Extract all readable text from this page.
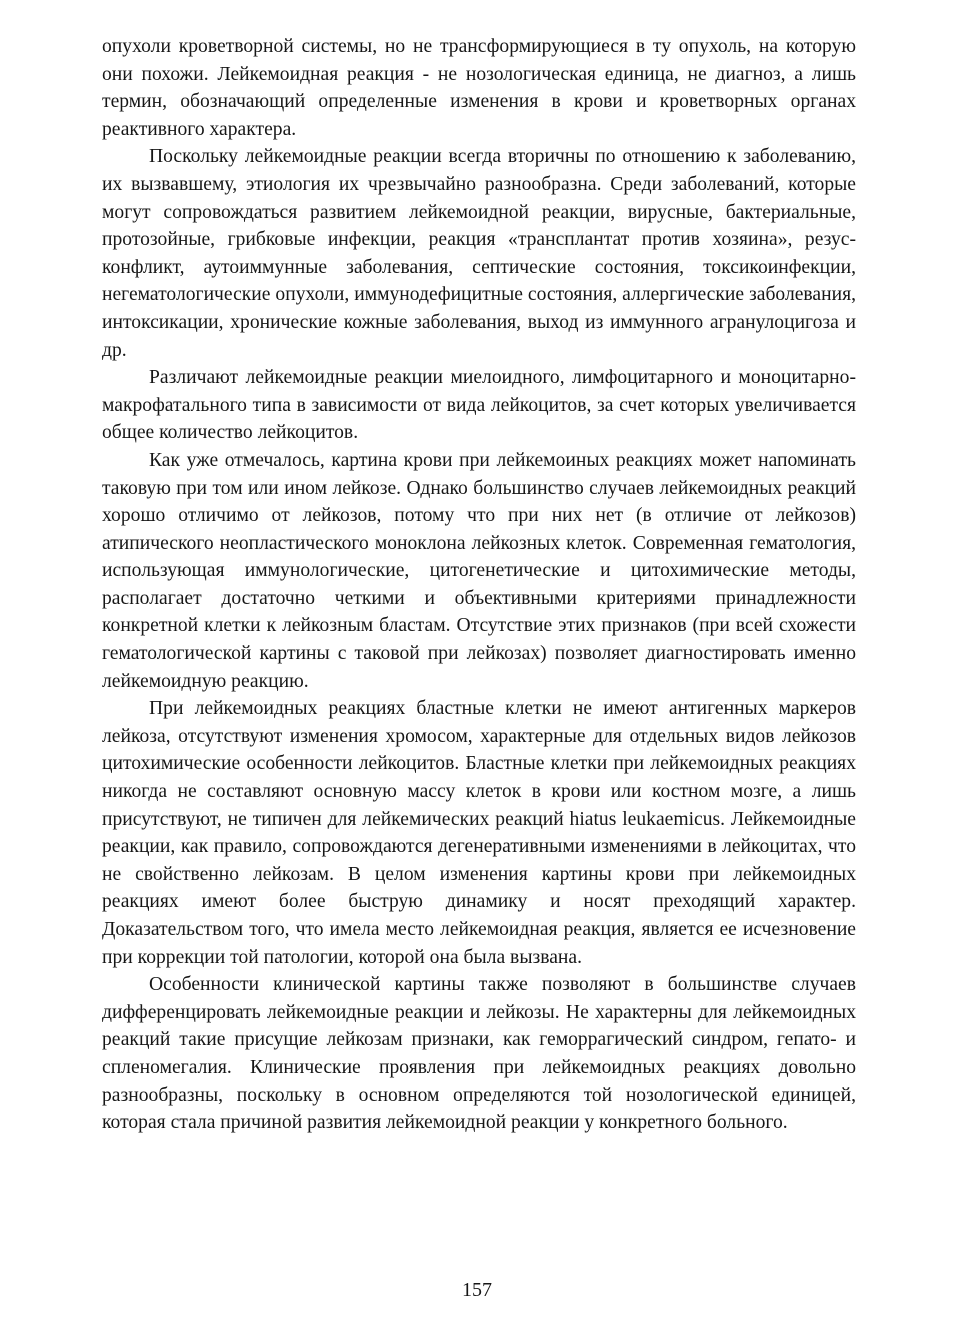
опухоли кроветворной системы, но не трансформирующиеся в ту опухоль, на которую они похожи. Лейкемоидная реакция - не нозологическая единица, не диагноз, а лишь термин, обозначающий определенные изменения в крови и кроветворных органах реактивного характера.

Поскольку лейкемоидные реакции всегда вторичны по отношению к заболеванию, их вызвавшему, этиология их чрезвычайно разнообразна. Среди заболеваний, которые могут сопровождаться развитием лейкемоидной реакции, вирусные, бактериальные, протозойные, грибковые инфекции, реакция «трансплантат против хозяина», резус-конфликт, аутоиммунные заболевания, септические состояния, токсикоинфекции, негематологические опухоли, иммунодефицитные состояния, аллергические заболевания, интоксикации, хронические кожные заболевания, выход из иммунного агранулоцигоза и др.

Различают лейкемоидные реакции миелоидного, лимфоцитарного и моноцитарно-макрофатального типа в зависимости от вида лейкоцитов, за счет которых увеличивается общее количество лейкоцитов.

Как уже отмечалось, картина крови при лейкемоиных реакциях может напоминать таковую при том или ином лейкозе. Однако большинство случаев лейкемоидных реакций хорошо отличимо от лейкозов, потому что при них нет (в отличие от лейкозов) атипического неопластического моноклона лейкозных клеток. Современная гематология, использующая иммунологические, цитогенетические и цитохимические методы, располагает достаточно четкими и объективными критериями принадлежности конкретной клетки к лейкозным бластам. Отсутствие этих признаков (при всей схожести гематологической картины с таковой при лейкозах) позволяет диагностировать именно лейкемоидную реакцию.

При лейкемоидных реакциях бластные клетки не имеют антигенных маркеров лейкоза, отсутствуют изменения хромосом, характерные для отдельных видов лейкозов цитохимические особенности лейкоцитов. Бластные клетки при лейкемоидных реакциях никогда не составляют основную массу клеток в крови или костном мозге, а лишь присутствуют, не типичен для лейкемических реакций hiatus leukaemicus. Лейкемоидные реакции, как правило, сопровождаются дегенеративными изменениями в лейкоцитах, что не свойственно лейкозам. В целом изменения картины крови при лейкемоидных реакциях имеют более быструю динамику и носят преходящий характер. Доказательством того, что имела место лейкемоидная реакция, является ее исчезновение при коррекции той патологии, которой она была вызвана.

Особенности клинической картины также позволяют в большинстве случаев дифференцировать лейкемоидные реакции и лейкозы. Не характерны для лейкемоидных реакций такие присущие лейкозам признаки, как геморрагический синдром, гепато- и спленомегалия. Клинические проявления при лейкемоидных реакциях довольно разнообразны, поскольку в основном определяются той нозологической единицей, которая стала причиной развития лейкемоидной реакции у конкретного больного.

157
